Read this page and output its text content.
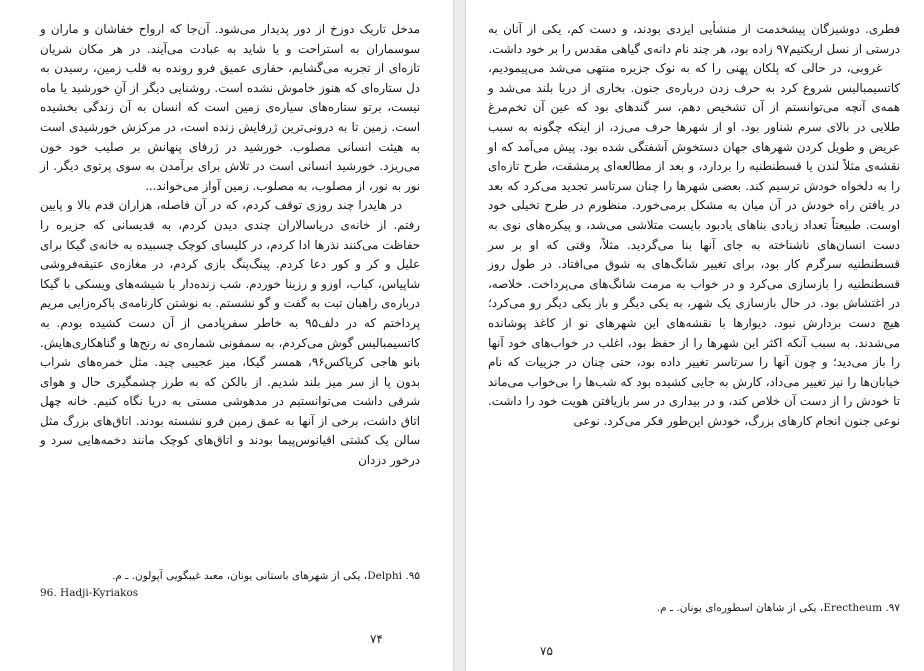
مدخل تاریک دوزخ از دور پدیدار می‌شود. آن‌جا که ارواح خفاشان و ماران و سوسماران به استراحت و یا شاید به عبادت می‌آیند. در هر مکان شریان تازه‌ای از تجربه می‌گشایم، حفاری عمیق فرو رونده به قلب زمین، رسیدن به دل ستاره‌ای که هنوز خاموش نشده است. روشنایی دیگر از آنِ خورشید یا ماه نیست، برتو ستاره‌های سیاره‌ی زمین است که انسان به آن زندگی بخشیده است. زمین تا به درونی‌ترین ژرفایش زنده است، در مرکزش خورشیدی است به هیئت انسانی مصلوب. خورشید در ژرفای پنهانش بر صلیب خود خون می‌ریزد. خورشید انسانی است در تلاش برای برآمدن به سوی پرتوی دیگر. از نور به نور، از مصلوب، به مصلوب. زمین آواز می‌خواند...

در هایدرا چند روزی توقف کردم، که در آن فاصله، هزاران قدم بالا و پایین رفتم. از خانه‌ی دریاسالاران چندی دیدن کردم، به قدیسانی که جزیره را حفاظت می‌کنند نذرها ادا کردم، در کلیسای کوچک چسبیده به خانه‌ی گیکا برای علیل و کر و کور دعا کردم. پینگ‌پنگ بازی کردم، در مغازه‌ی عتیقه‌فروشی شاپیاس، کباب، اوزو و رزینا خوردم. شب زنده‌دار با شیشه‌های ویسکی با گیکا درباره‌ی راهبان تبت به گفت و گو نشستم. به نوشتن کارنامه‌ی باکره‌زایی مریم پرداختم که در دلف۹۵ به خاطر سفرپادمی از آن دست کشیده بودم. به کاتسیمبالیس گوش می‌کردم، به سمفونی شماره‌ی نه رنج‌ها و گناهکاری‌هایش. بانو هاجی کریاکس۹۶، همسر گیکا، میز عجیبی چید. مثل خمره‌های شراب بدون پا از سر میز بلند شدیم. از بالکن که به طرز چشمگیری حال و هوای شرقی داشت می‌توانستیم در مدهوشی مستی به دریا نگاه کنیم. خانه چهل اتاق داشت، برخی از آنها به عمق زمین فرو نشسته بودند. اتاق‌های بزرگ مثل سالن یک کشتی اقیانوس‌پیما بودند و اتاق‌های کوچک مانند دخمه‌هایی سرد و درخور دزدان

۹۵. Delphi، یکی از شهرهای باستانی یونان، معبد غیبگویی آپولون. ـ م.
96. Hadji-Kyriakos
۷۴

فطری. دوشیزگان پیشخدمت از منشأیی ایزدی بودند، و دست کم، یکی از آنان به درستی از نسل اریکتیم۹۷ زاده بود، هر چند نام دانه‌ی گیاهی مقدس را بر خود داشت.

غروبی، در حالی که پلکان پهنی را که به نوک جزیره منتهی می‌شد می‌پیمودیم، کاتسیمبالیس شروع کرد به حرف زدن درباره‌ی جنون. بخاری از دریا بلند می‌شد و همه‌ی آنچه می‌توانستم از آن تشخیص دهم، سر گندهای بود که عین آن تخم‌مرغ طلایی در بالای سرم شناور بود. او از شهرها حرف می‌زد، از اینکه چگونه به سبب عریض و طویل کردن شهرهای جهان دستخوش آشفتگی شده بود. پیش می‌آمد که او نقشه‌ی مثلاً لندن یا قسطنطنیه را بردارد، و بعد از مطالعه‌ای پرمشقت، طرح تازه‌ای را به دلخواه خودش ترسیم کند. بعضی شهرها را چنان سرتاسر تجدید می‌کرد که بعد در یافتن راه خودش در آن میان به مشکل برمی‌خورد. منظورم در طرح تخیلی خود اوست. طبیعتاً تعداد زیادی بناهای یادبود بایست متلاشی می‌شد، و پیکره‌های نوی به دست انسان‌های ناشناخته به جای آنها بنا می‌گردید. مثلاً، وقتی که او بر سر قسطنطنیه سرگرم کار بود، برای تغییر شانگ‌های به شوق می‌افتاد. در طول روز قسطنطنیه را بازسازی می‌کرد و در خواب به مرمت شانگ‌های می‌پرداخت. خلاصه، در اغتشاش بود. در حال بازسازی یک شهر، به یکی دیگر و باز یکی دیگر رو می‌کرد؛ هیچ دست بردارش نبود. دیوارها با نقشه‌های این شهرهای نو از کاغذ پوشانده می‌شدند. به سبب آنکه اکثر این شهرها را از حفظ بود، اغلب در خواب‌های خود آنها را باز می‌دید؛ و چون آنها را سرتاسر تغییر داده بود، حتی چنان در جزییات که نام خیابان‌ها را نیز تغییر می‌داد، کارش به جایی کشیده بود که شب‌ها را بی‌خواب می‌ماند تا خودش را از دست آن خلاص کند، و در بیداری در سر بازیافتن هویت خود را داشت. نوعی جنون انجام کارهای بزرگ، خودش این‌طور فکر می‌کرد. نوعی

۹۷. Erectheum، یکی از شاهان اسطوره‌ای یونان. ـ م.
۷۵
